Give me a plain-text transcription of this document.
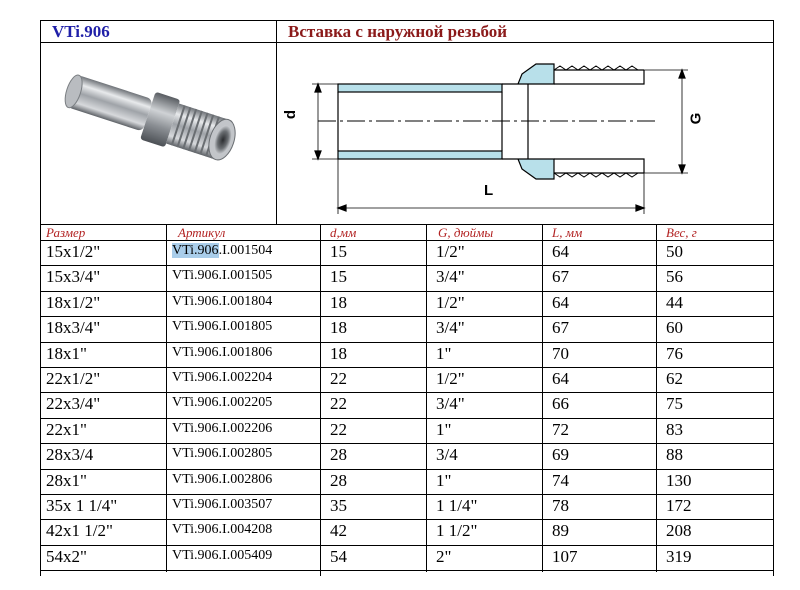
VTi.906	Вставка с наружной резьбой
d	G
L
Размер	Артикул	d,мм	G, дюймы	L, мм	Вес, г
15x1/2"	VTi.906.I.001504	15	1/2"	64	50
15x3/4"	VTi.906.I.001505	15	3/4"	67	56
18x1/2"	VTi.906.I.001804	18	1/2"	64	44
18x3/4"	VTi.906.I.001805	18	3/4"	67	60
18x1"	VTi.906.I.001806	18	1"	70	76
22x1/2"	VTi.906.I.002204	22	1/2"	64	62
22x3/4"	VTi.906.I.002205	22	3/4"	66	75
22x1"	VTi.906.I.002206	22	1"	72	83
28x3/4	VTi.906.I.002805	28	3/4	69	88
28x1"	VTi.906.I.002806	28	1"	74	130
35x 1 1/4"	VTi.906.I.003507	35	1 1/4"	78	172
42x1 1/2"	VTi.906.I.004208	42	1 1/2"	89	208
54x2"	VTi.906.I.005409	54	2"	107	319
